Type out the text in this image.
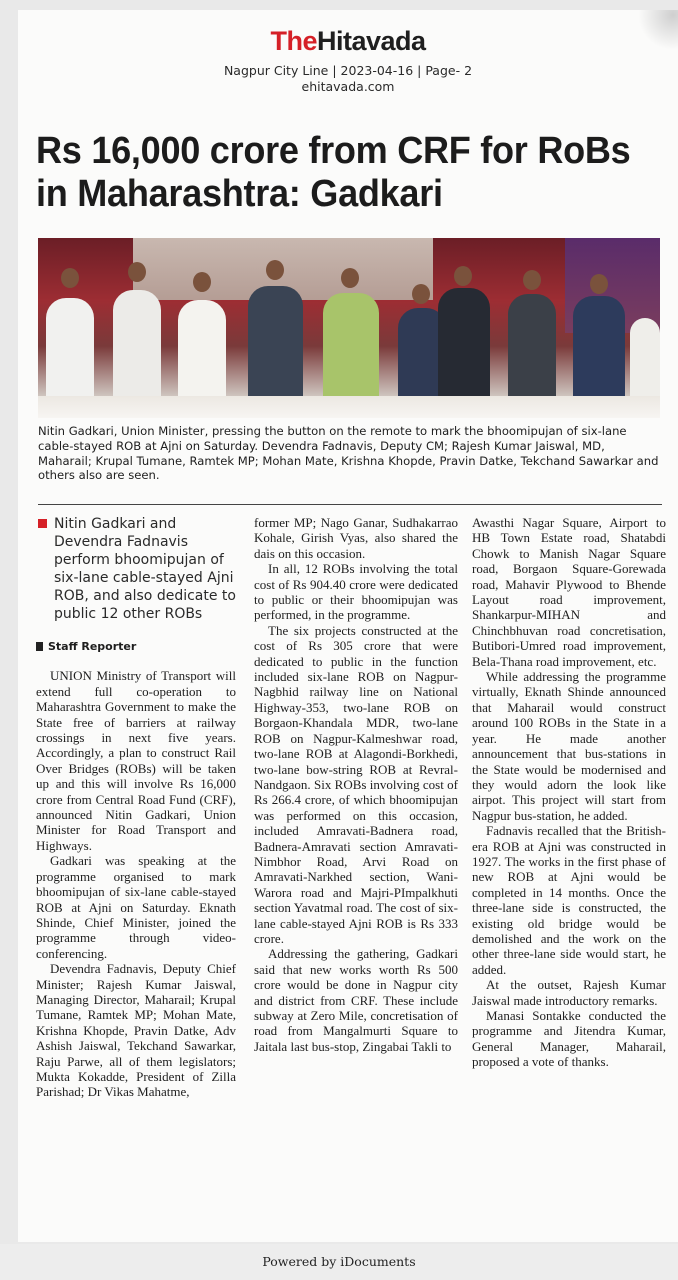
TheHitavada
Nagpur City Line | 2023-04-16 | Page- 2
ehitavada.com
Rs 16,000 crore from CRF for RoBs in Maharashtra: Gadkari
Nitin Gadkari, Union Minister, pressing the button on the remote to mark the bhoomipujan of six-lane cable-stayed ROB at Ajni on Saturday. Devendra Fadnavis, Deputy CM; Rajesh Kumar Jaiswal, MD, Maharail; Krupal Tumane, Ramtek MP; Mohan Mate, Krishna Khopde, Pravin Datke, Tekchand Sawarkar and others also are seen.
Nitin Gadkari and Devendra Fadnavis perform bhoomipujan of six-lane cable-stayed Ajni ROB, and also dedicate to public 12 other ROBs
Staff Reporter

UNION Ministry of Transport will extend full co-operation to Maharashtra Government to make the State free of barriers at railway crossings in next five years. Accordingly, a plan to construct Rail Over Bridges (ROBs) will be taken up and this will involve Rs 16,000 crore from Central Road Fund (CRF), announced Nitin Gadkari, Union Minister for Road Transport and Highways.

Gadkari was speaking at the programme organised to mark bhoomipujan of six-lane cable-stayed ROB at Ajni on Saturday. Eknath Shinde, Chief Minister, joined the programme through video-conferencing.

Devendra Fadnavis, Deputy Chief Minister; Rajesh Kumar Jaiswal, Managing Director, Maharail; Krupal Tumane, Ramtek MP; Mohan Mate, Krishna Khopde, Pravin Datke, Adv Ashish Jaiswal, Tekchand Sawarkar, Raju Parwe, all of them legislators; Mukta Kokadde, President of Zilla Parishad; Dr Vikas Mahatme,

former MP; Nago Ganar, Sudhakarrao Kohale, Girish Vyas, also shared the dais on this occasion.

In all, 12 ROBs involving the total cost of Rs 904.40 crore were dedicated to public or their bhoomipujan was performed, in the programme.

The six projects constructed at the cost of Rs 305 crore that were dedicated to public in the function included six-lane ROB on Nagpur-Nagbhid railway line on National Highway-353, two-lane ROB on Borgaon-Khandala MDR, two-lane ROB on Nagpur-Kalmeshwar road, two-lane ROB at Alagondi-Borkhedi, two-lane bow-string ROB at Revral-Nandgaon. Six ROBs involving cost of Rs 266.4 crore, of which bhoomipujan was performed on this occasion, included Amravati-Badnera road, Badnera-Amravati section Amravati-Nimbhor Road, Arvi Road on Amravati-Narkhed section, Wani-Warora road and Majri-PImpalkhuti section Yavatmal road. The cost of six-lane cable-stayed Ajni ROB is Rs 333 crore.

Addressing the gathering, Gadkari said that new works worth Rs 500 crore would be done in Nagpur city and district from CRF. These include subway at Zero Mile, concretisation of road from Mangalmurti Square to Jaitala last bus-stop, Zingabai Takli to

Awasthi Nagar Square, Airport to HB Town Estate road, Shatabdi Chowk to Manish Nagar Square road, Borgaon Square-Gorewada road, Mahavir Plywood to Bhende Layout road improvement, Shankarpur-MIHAN and Chinchbhuvan road concretisation, Butibori-Umred road improvement, Bela-Thana road improvement, etc.

While addressing the programme virtually, Eknath Shinde announced that Maharail would construct around 100 ROBs in the State in a year. He made another announcement that bus-stations in the State would be modernised and they would adorn the look like airpot. This project will start from Nagpur bus-station, he added.

Fadnavis recalled that the British-era ROB at Ajni was constructed in 1927. The works in the first phase of new ROB at Ajni would be completed in 14 months. Once the three-lane side is constructed, the existing old bridge would be demolished and the work on the other three-lane side would start, he added.

At the outset, Rajesh Kumar Jaiswal made introductory remarks.

Manasi Sontakke conducted the programme and Jitendra Kumar, General Manager, Maharail, proposed a vote of thanks.

Powered by iDocuments
